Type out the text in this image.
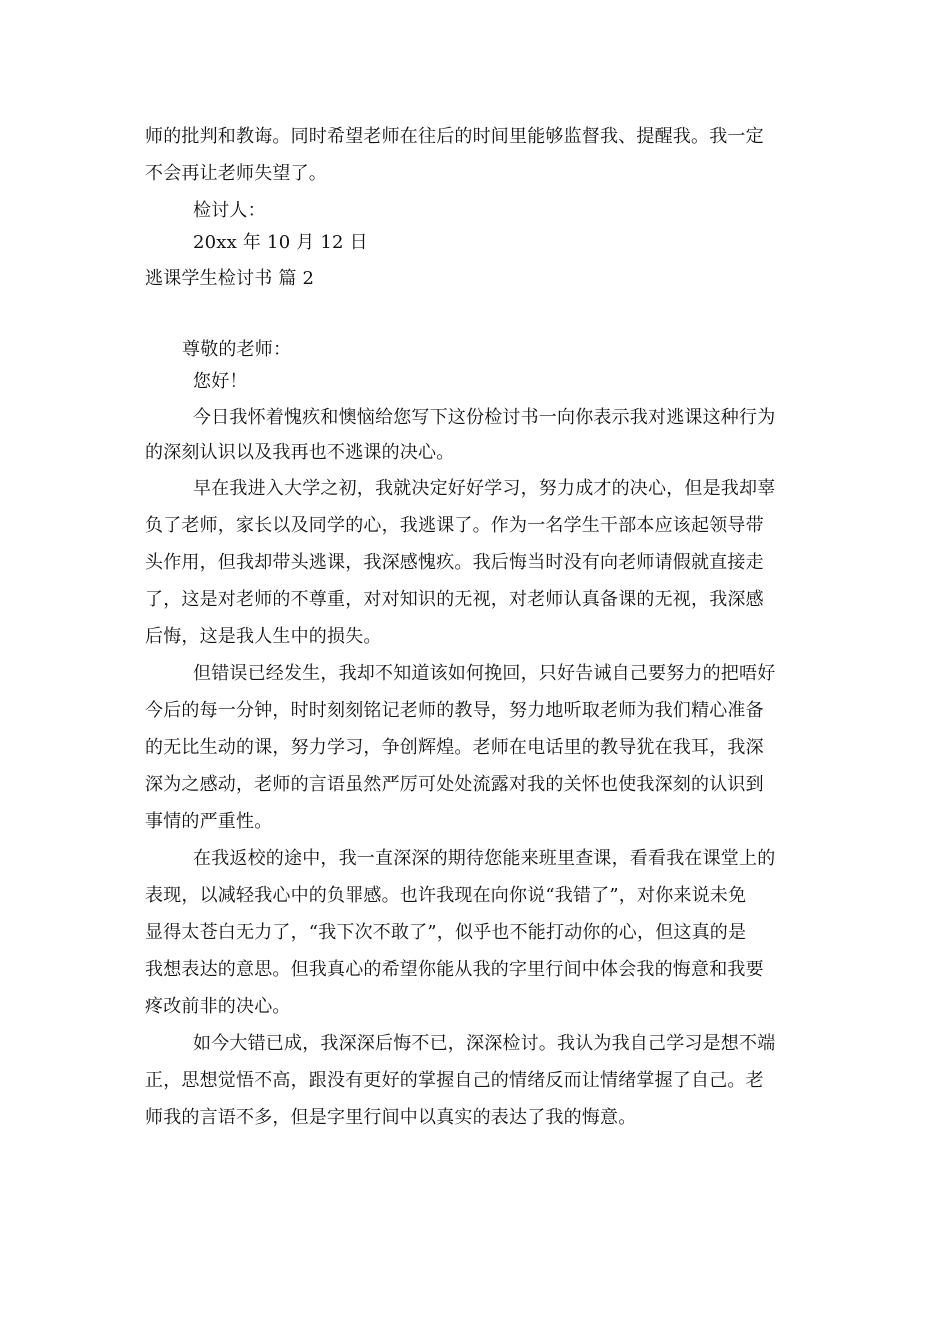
师的批判和教诲。同时希望老师在往后的时间里能够监督我、提醒我。我一定
不会再让老师失望了。
检讨人：
20xx 年 10 月 12 日
逃课学生检讨书 篇 2
尊敬的老师：
您好！
今日我怀着愧疚和懊恼给您写下这份检讨书一向你表示我对逃课这种行为
的深刻认识以及我再也不逃课的决心。
早在我进入大学之初，我就决定好好学习，努力成才的决心，但是我却辜
负了老师，家长以及同学的心，我逃课了。作为一名学生干部本应该起领导带
头作用，但我却带头逃课，我深感愧疚。我后悔当时没有向老师请假就直接走
了，这是对老师的不尊重，对对知识的无视，对老师认真备课的无视，我深感
后悔，这是我人生中的损失。
但错误已经发生，我却不知道该如何挽回，只好告诫自己要努力的把唔好
今后的每一分钟，时时刻刻铭记老师的教导，努力地听取老师为我们精心准备
的无比生动的课，努力学习，争创辉煌。老师在电话里的教导犹在我耳，我深
深为之感动，老师的言语虽然严厉可处处流露对我的关怀也使我深刻的认识到
事情的严重性。
在我返校的途中，我一直深深的期待您能来班里查课，看看我在课堂上的
表现，以减轻我心中的负罪感。也许我现在向你说“我错了”，对你来说未免
显得太苍白无力了，“我下次不敢了”，似乎也不能打动你的心，但这真的是
我想表达的意思。但我真心的希望你能从我的字里行间中体会我的悔意和我要
疼改前非的决心。
如今大错已成，我深深后悔不已，深深检讨。我认为我自己学习是想不端
正，思想觉悟不高，跟没有更好的掌握自己的情绪反而让情绪掌握了自己。老
师我的言语不多，但是字里行间中以真实的表达了我的悔意。
